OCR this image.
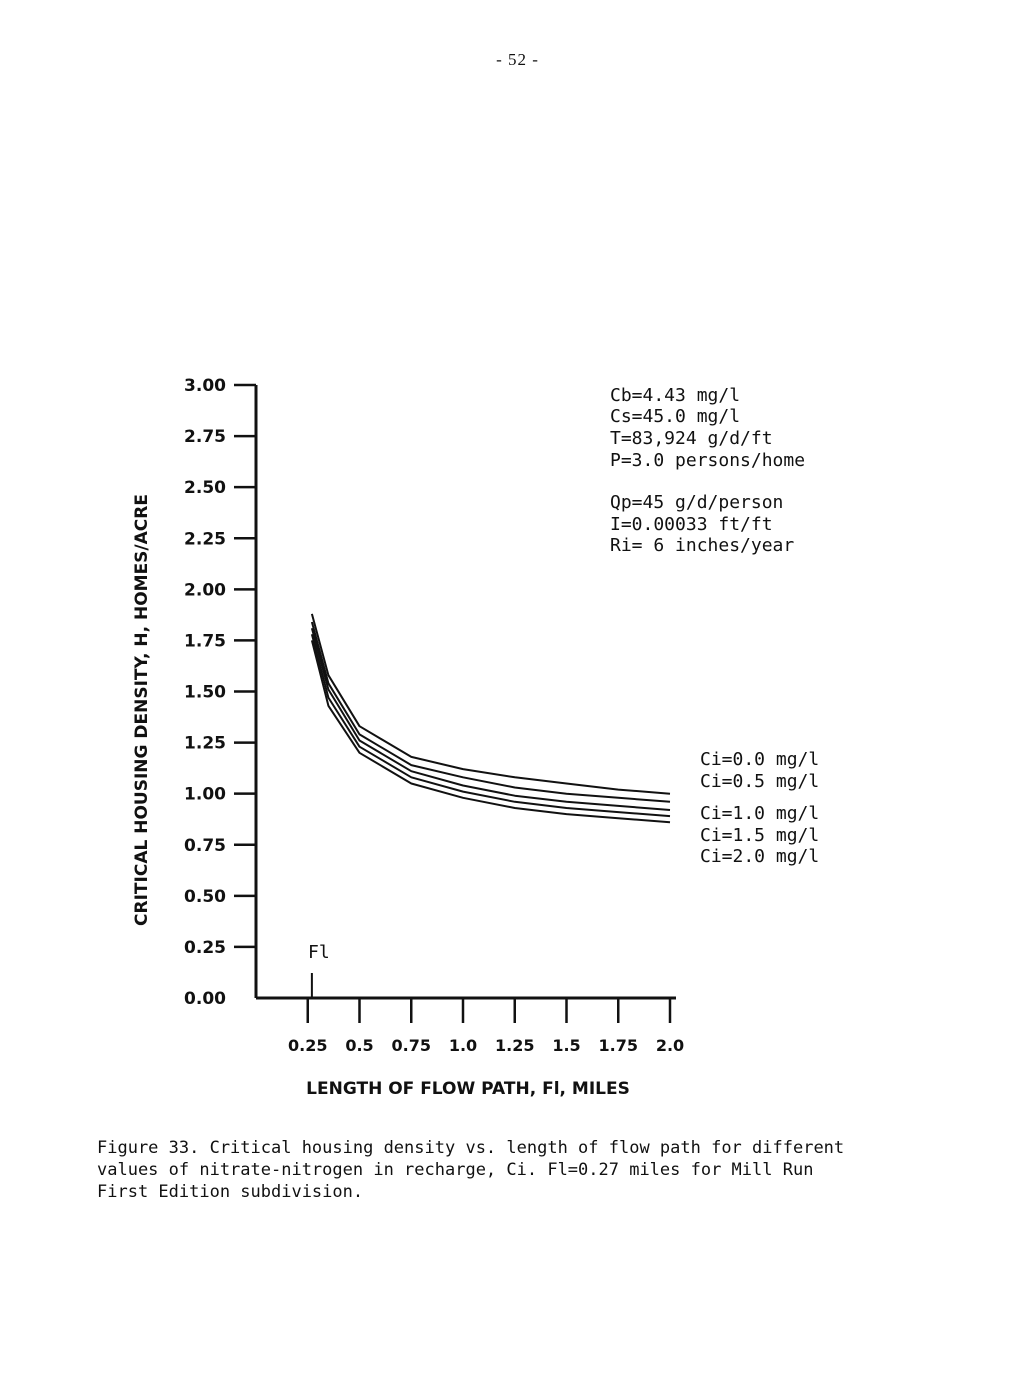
- 52 -
0.00
0.25
0.50
0.75
1.00
1.25
1.50
1.75
2.00
2.25
2.50
2.75
3.00
0.25 0.5 0.75 1.0 1.25 1.5 1.75 2.0
Fl
Ci=0.0 mg/l
Ci=0.5 mg/l
Ci=1.0 mg/l
Ci=1.5 mg/l
Ci=2.0 mg/l
Cb=4.43 mg/l
Cs=45.0 mg/l
T=83,924 g/d/ft
P=3.0 persons/home
Qp=45 g/d/person
I=0.00033 ft/ft
Ri= 6 inches/year
CRITICAL HOUSING DENSITY, H, HOMES/ACRE
LENGTH OF FLOW PATH, Fl, MILES
Figure 33. Critical housing density vs. length of flow path for different
values of nitrate-nitrogen in recharge, Ci. Fl=0.27 miles for Mill Run
First Edition subdivision.
